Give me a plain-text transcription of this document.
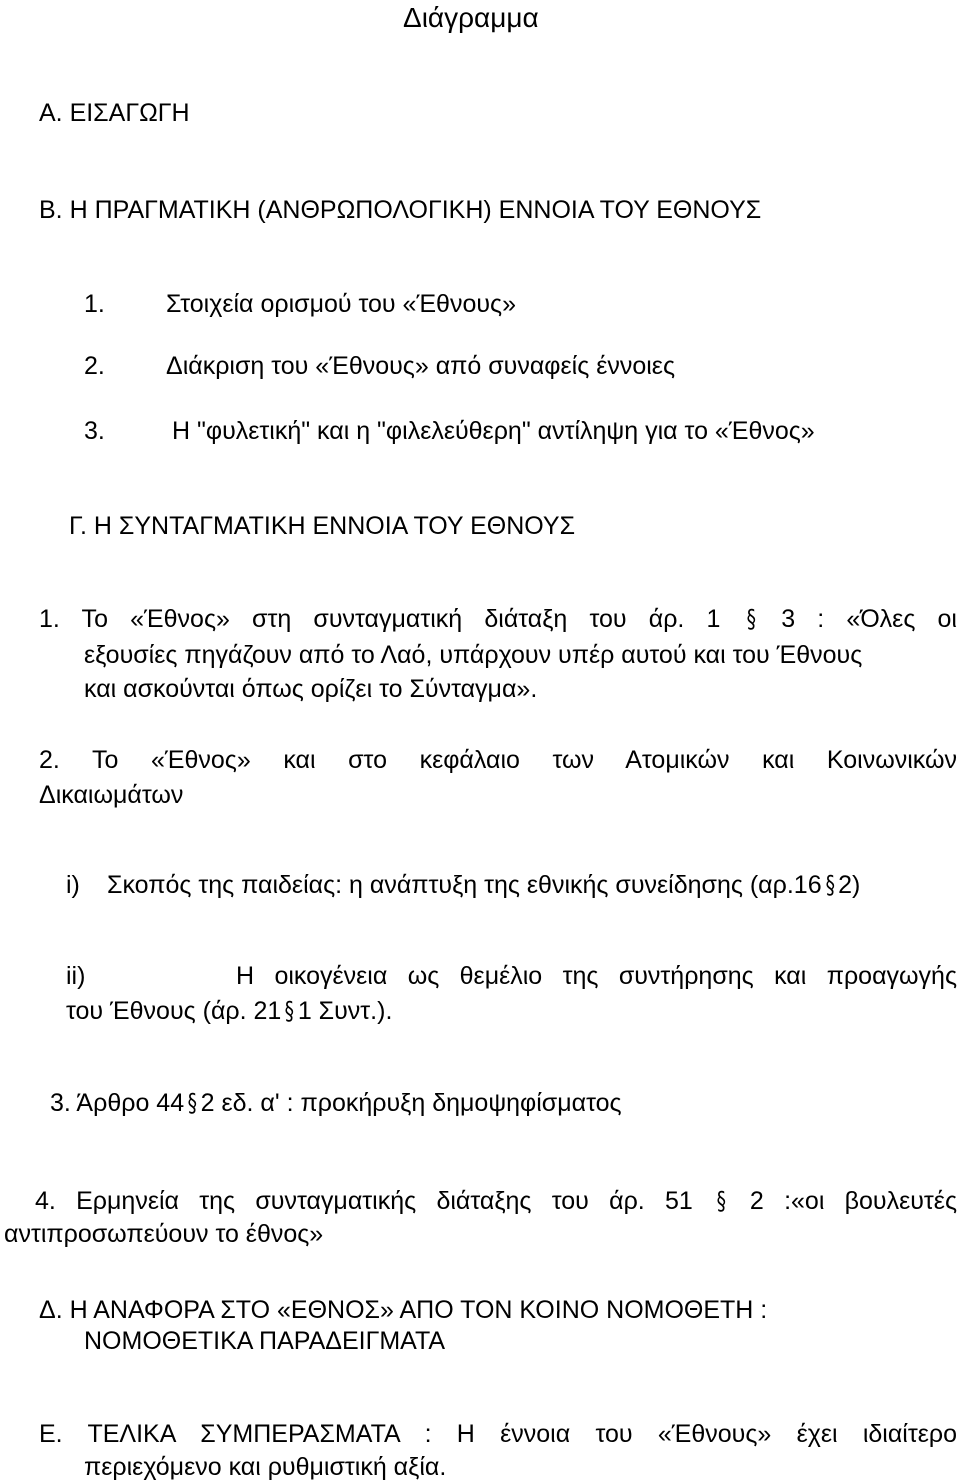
Διάγραμμα
Α. ΕΙΣΑΓΩΓΗ
Β. Η ΠΡΑΓΜΑΤΙΚΗ (ΑΝΘΡΩΠΟΛΟΓΙΚΗ) ΕΝΝΟΙΑ ΤΟΥ ΕΘΝΟΥΣ
1. Στοιχεία ορισμού του «Έθνους»
2. Διάκριση του «Έθνους» από συναφείς έννοιες
3.	Η "φυλετική" και η "φιλελεύθερη" αντίληψη για το «Έθνος»
Γ. Η ΣΥΝΤΑΓΜΑΤΙΚΗ ΕΝΝΟΙΑ ΤΟΥ ΕΘΝΟΥΣ
1. Το «Έθνος» στη συνταγματική διάταξη του άρ. 1 § 3 : «Όλες οι
εξουσίες πηγάζουν από το Λαό, υπάρχουν υπέρ αυτού και του Έθνους
και ασκούνται όπως ορίζει το Σύνταγμα».
2. Το «Έθνος» και στο κεφάλαιο των Ατομικών και Κοινωνικών
Δικαιωμάτων
i) Σκοπός της παιδείας: η ανάπτυξη της εθνικής συνείδησης (αρ.16 § 2)
ii)	Η οικογένεια ως θεμέλιο της συντήρησης και προαγωγής
του Έθνους (άρ. 21 § 1 Συντ.).
3. Άρθρο 44 § 2 εδ. α' : προκήρυξη δημοψηφίσματος
4. Ερμηνεία της συνταγματικής διάταξης του άρ. 51 § 2 :«οι βουλευτές
αντιπροσωπεύουν το έθνος»
Δ. Η ΑΝΑΦΟΡΑ ΣΤΟ «ΕΘΝΟΣ» ΑΠΟ ΤΟΝ ΚΟΙΝΟ ΝΟΜΟΘΕΤΗ :
ΝΟΜΟΘΕΤΙΚΑ ΠΑΡΑΔΕΙΓΜΑΤΑ
Ε. ΤΕΛΙΚΑ ΣΥΜΠΕΡΑΣΜΑΤΑ : Η έννοια του «Έθνους» έχει ιδιαίτερο
περιεχόμενο και ρυθμιστική αξία.
